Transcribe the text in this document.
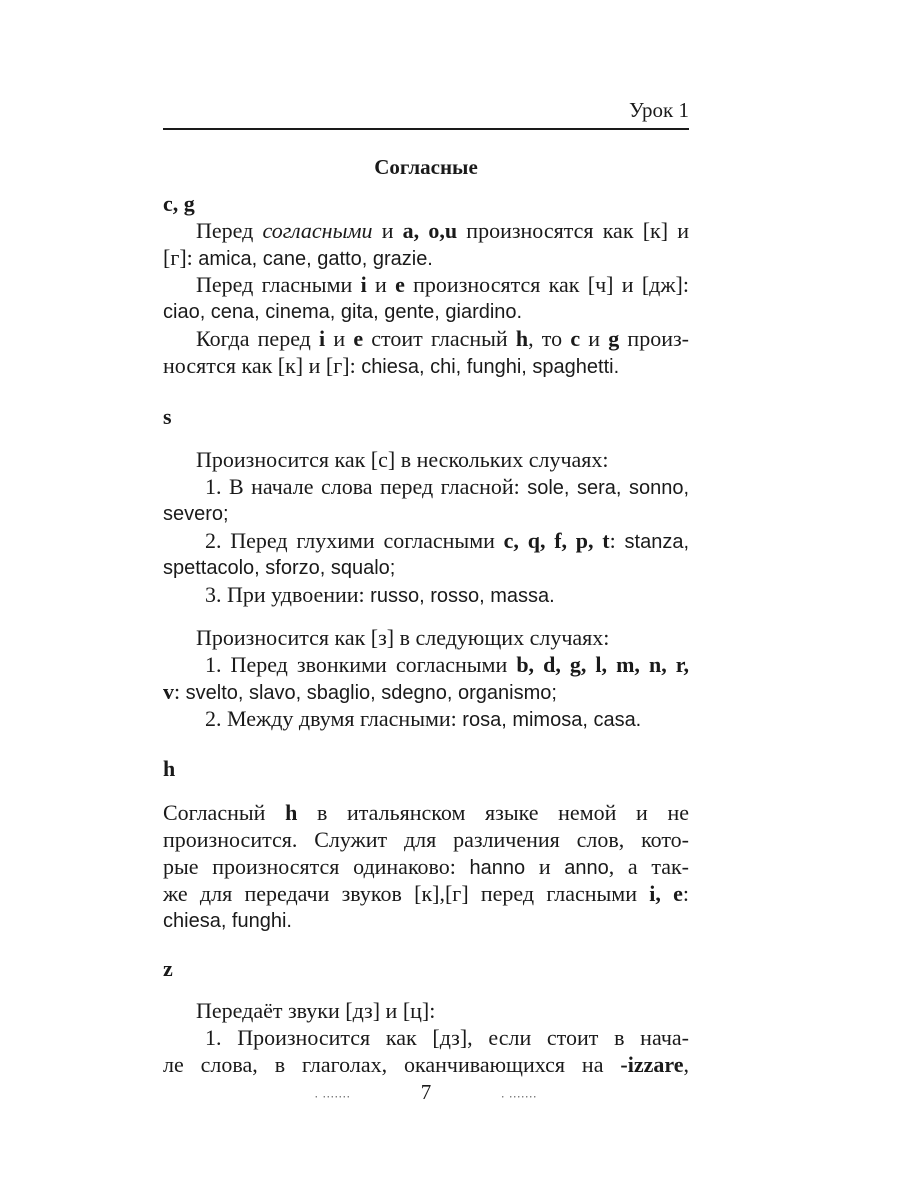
Урок 1
Согласные
c, g
Перед согласными и a, o,u произносятся как [к] и
[г]: amica, cane, gatto, grazie.
Перед гласными i и e произносятся как [ч] и [дж]:
ciao, cena, cinema, gita, gente, giardino.
Когда перед i и e стоит гласный h, то c и g произ-
носятся как [к] и [г]: chiesa, chi, funghi, spaghetti.
s
Произносится как [с] в нескольких случаях:
1. В начале слова перед гласной: sole, sera, sonno,
severo;
2. Перед глухими согласными c, q, f, p, t: stanza,
spettacolo, sforzo, squalo;
3. При удвоении: russo, rosso, massa.
Произносится как [з] в следующих случаях:
1. Перед звонкими согласными b, d, g, l, m, n, r,
v: svelto, slavo, sbaglio, sdegno, organismo;
2. Между двумя гласными: rosa, mimosa, casa.
h
Согласный h в итальянском языке немой и не
произносится. Служит для различения слов, кото-
рые произносятся одинаково: hanno и anno, а так-
же для передачи звуков [к],[г] перед гласными i, e:
chiesa, funghi.
z
Передаёт звуки [дз] и [ц]:
1. Произносится как [дз], если стоит в нача-
ле слова, в глаголах, оканчивающихся на -izzare,
. .......	7	. .......
